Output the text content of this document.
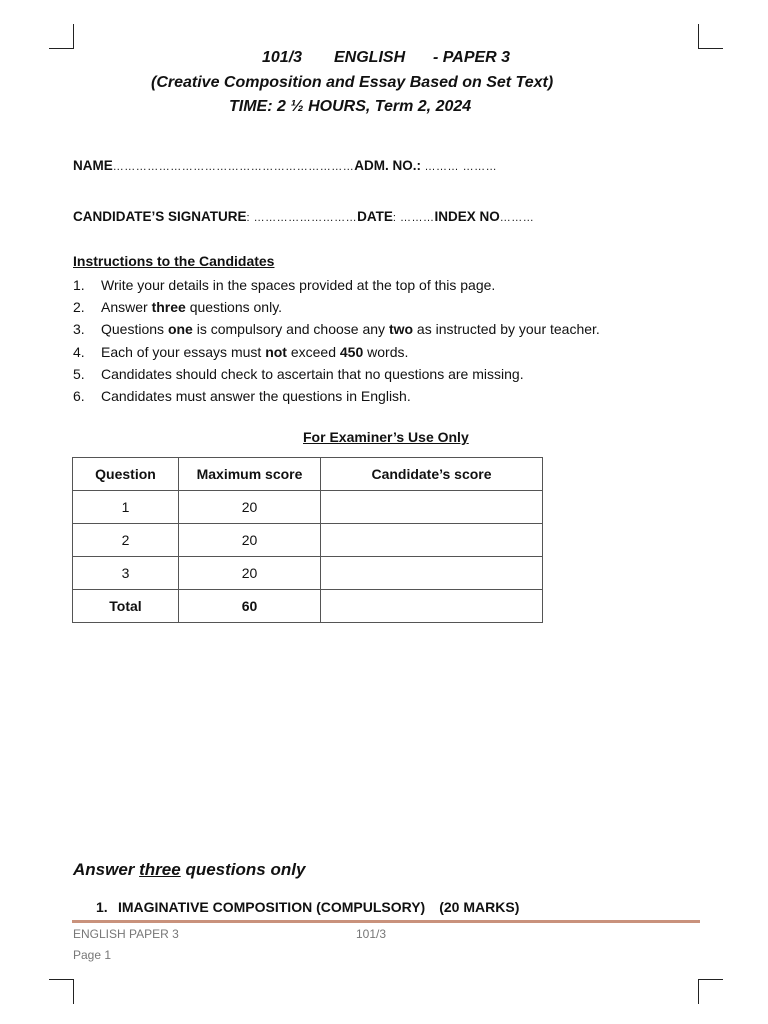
101/3 ENGLISH - PAPER 3
(Creative Composition and Essay Based on Set Text)
TIME: 2 ½ HOURS, Term 2, 2024
NAME………………………………………………………ADM. NO.: ……… ………
CANDIDATE’S SIGNATURE: ………………………DATE: ………INDEX NO………
Instructions to the Candidates
1. Write your details in the spaces provided at the top of this page.
2. Answer three questions only.
3. Questions one is compulsory and choose any two as instructed by your teacher.
4. Each of your essays must not exceed 450 words.
5. Candidates should check to ascertain that no questions are missing.
6. Candidates must answer the questions in English.
For Examiner’s Use Only
Question	Maximum score	Candidate’s score
1	20	
2	20	
3	20	
Total	60	
Answer three questions only
1. IMAGINATIVE COMPOSITION (COMPULSORY) (20 MARKS)
ENGLISH PAPER 3	101/3
Page 1
